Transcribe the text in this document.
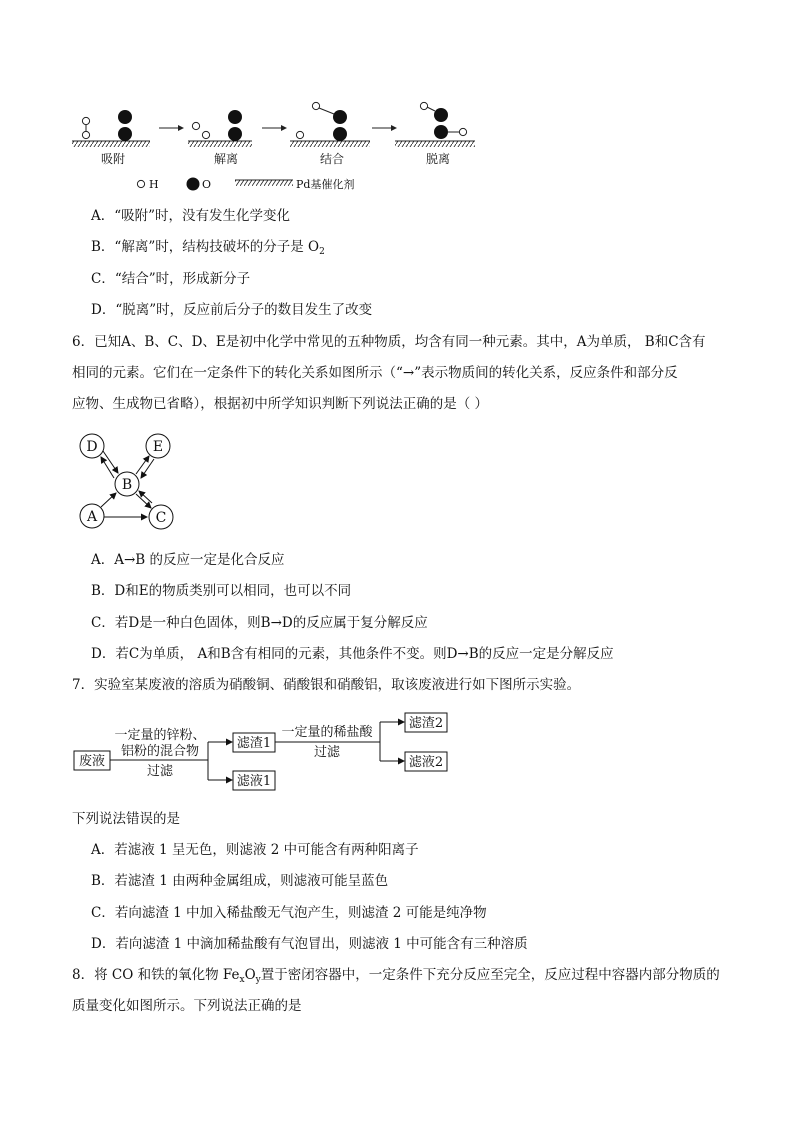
吸附	解离	结合	脱离
H	O	Pd基催化剂
A．“吸附”时，没有发生化学变化
B．“解离”时，结构技破坏的分子是 $O_2$
C．“结合”时，形成新分子
D．“脱离”时，反应前后分子的数目发生了改变
6．已知A、B、C、D、E是初中化学中常见的五种物质，均含有同一种元素。其中，A为单质， B和C含有
相同的元素。它们在一定条件下的转化关系如图所示（“→”表示物质间的转化关系，反应条件和部分反
应物、生成物已省略），根据初中所学知识判断下列说法正确的是（ ）
D	E
B
A	C
A．A→B 的反应一定是化合反应
B．D和E的物质类别可以相同，也可以不同
C．若D是一种白色固体，则B→D的反应属于复分解反应
D．若C为单质， A和B含有相同的元素，其他条件不变。则D→B的反应一定是分解反应
7．实验室某废液的溶质为硝酸铜、硝酸银和硝酸铝，取该废液进行如下图所示实验。
废液
一定量的锌粉、
铝粉的混合物
过滤
滤渣1
滤液1
一定量的稀盐酸
过滤
滤渣2
滤液2
下列说法错误的是
A．若滤液 1 呈无色，则滤液 2 中可能含有两种阳离子
B．若滤渣 1 由两种金属组成，则滤液可能呈蓝色
C．若向滤渣 1 中加入稀盐酸无气泡产生，则滤渣 2 可能是纯净物
D．若向滤渣 1 中滴加稀盐酸有气泡冒出，则滤液 1 中可能含有三种溶质
8．将 CO 和铁的氧化物 $Fe_xO_y$置于密闭容器中，一定条件下充分反应至完全，反应过程中容器内部分物质的
质量变化如图所示。下列说法正确的是
